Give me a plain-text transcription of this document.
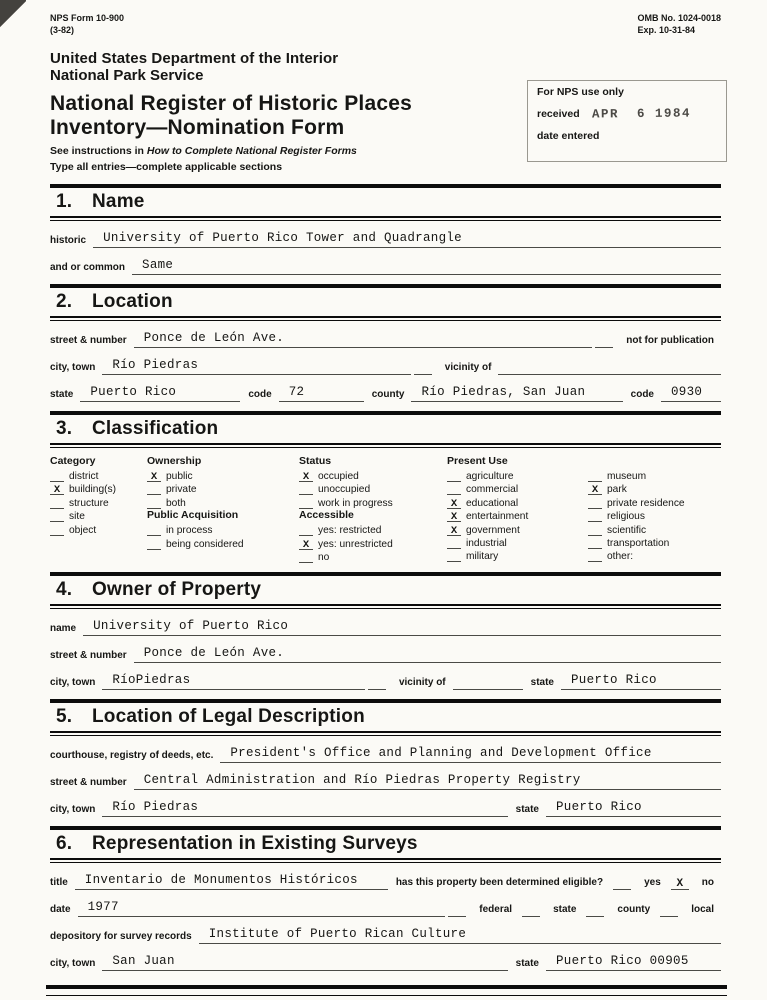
NPS Form 10-900
(3-82)
OMB No. 1024-0018
Exp. 10-31-84
United States Department of the Interior
National Park Service
National Register of Historic Places
Inventory—Nomination Form
See instructions in How to Complete National Register Forms
Type all entries—complete applicable sections
For NPS use only
received APR  6 1984
date entered
1. Name
historic	University of Puerto Rico Tower and Quadrangle
and or common	Same
2. Location
street & number	Ponce de León Ave.	not for publication
city, town	Río Piedras	vicinity of
state	Puerto Rico	code	72	county	Río Piedras, San Juan	code	0930
3. Classification
Category
district
X building(s)
structure
site
object
Ownership
X public
private
both
Public Acquisition
in process
being considered
Status
X occupied
unoccupied
work in progress
Accessible
yes: restricted
X yes: unrestricted
no
Present Use
agriculture
commercial
X educational
X entertainment
X government
industrial
military
museum
X park
private residence
religious
scientific
transportation
other:
4. Owner of Property
name	University of Puerto Rico
street & number	Ponce de León Ave.
city, town	RíoPiedras	vicinity of	state	Puerto Rico
5. Location of Legal Description
courthouse, registry of deeds, etc.	President's Office and Planning and Development Office
street & number	Central Administration and Río Piedras Property Registry
city, town	Río Piedras	state	Puerto Rico
6. Representation in Existing Surveys
title	Inventario de Monumentos Históricos	has this property been determined eligible?	yes	X	no
date	1977	federal	state	county	local
depository for survey records	Institute of Puerto Rican Culture
city, town	San Juan	state	Puerto Rico 00905
